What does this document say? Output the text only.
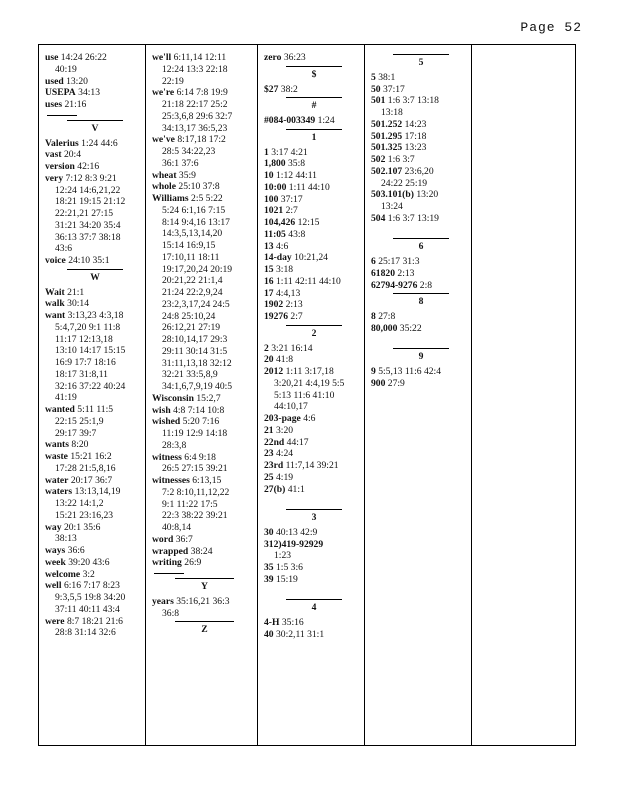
Page 52
use 14:24 26:22
40:19
used 13:20
USEPA 34:13
uses 21:16
V
Valerius 1:24 44:6
vast 20:4
version 42:16
very 7:12 8:3 9:21
12:24 14:6,21,22
18:21 19:15 21:12
22:21,21 27:15
31:21 34:20 35:4
36:13 37:7 38:18
43:6
voice 24:10 35:1
W
Wait 21:1
walk 30:14
want 3:13,23 4:3,18
5:4,7,20 9:1 11:8
11:17 12:13,18
13:10 14:17 15:15
16:9 17:7 18:16
18:17 31:8,11
32:16 37:22 40:24
41:19
wanted 5:11 11:5
22:15 25:1,9
29:17 39:7
wants 8:20
waste 15:21 16:2
17:28 21:5,8,16
water 20:17 36:7
waters 13:13,14,19
13:22 14:1,2
15:21 23:16,23
way 20:1 35:6
38:13
ways 36:6
week 39:20 43:6
welcome 3:2
well 6:16 7:17 8:23
9:3,5,5 19:8 34:20
37:11 40:11 43:4
were 8:7 18:21 21:6
28:8 31:14 32:6
we'll 6:11,14 12:11
12:24 13:3 22:18
22:19
we're 6:14 7:8 19:9
21:18 22:17 25:2
25:3,6,8 29:6 32:7
34:13,17 36:5,23
we've 8:17,18 17:2
28:5 34:22,23
36:1 37:6
wheat 35:9
whole 25:10 37:8
Williams 2:5 5:22
5:24 6:1,16 7:15
8:14 9:4,16 13:17
14:3,5,13,14,20
15:14 16:9,15
17:10,11 18:11
19:17,20,24 20:19
20:21,22 21:1,4
21:24 22:2,9,24
23:2,3,17,24 24:5
24:8 25:10,24
26:12,21 27:19
28:10,14,17 29:3
29:11 30:14 31:5
31:11,13,18 32:12
32:21 33:5,8,9
34:1,6,7,9,19 40:5
Wisconsin 15:2,7
wish 4:8 7:14 10:8
wished 5:20 7:16
11:19 12:9 14:18
28:3,8
witness 6:4 9:18
26:5 27:15 39:21
witnesses 6:13,15
7:2 8:10,11,12,22
9:1 11:22 17:5
22:3 38:22 39:21
40:8,14
word 36:7
wrapped 38:24
writing 26:9
Y
years 35:16,21 36:3
36:8
Z
zero 36:23
$
$27 38:2
#
#084-003349 1:24
1
1 3:17 4:21
1,800 35:8
10 1:12 44:11
10:00 1:11 44:10
100 37:17
1021 2:7
104,426 12:15
11:05 43:8
13 4:6
14-day 10:21,24
15 3:18
16 1:11 42:11 44:10
17 4:4,13
1902 2:13
19276 2:7
2
2 3:21 16:14
20 41:8
2012 1:11 3:17,18
3:20,21 4:4,19 5:5
5:13 11:6 41:10
44:10,17
203-page 4:6
21 3:20
22nd 44:17
23 4:24
23rd 11:7,14 39:21
25 4:19
27(b) 41:1
3
30 40:13 42:9
312)419-92929
1:23
35 1:5 3:6
39 15:19
4
4-H 35:16
40 30:2,11 31:1
5
5 38:1
50 37:17
501 1:6 3:7 13:18
13:18
501.252 14:23
501.295 17:18
501.325 13:23
502 1:6 3:7
502.107 23:6,20
24:22 25:19
503.101(b) 13:20
13:24
504 1:6 3:7 13:19
6
6 25:17 31:3
61820 2:13
62794-9276 2:8
8
8 27:8
80,000 35:22
9
9 5:5,13 11:6 42:4
900 27:9
